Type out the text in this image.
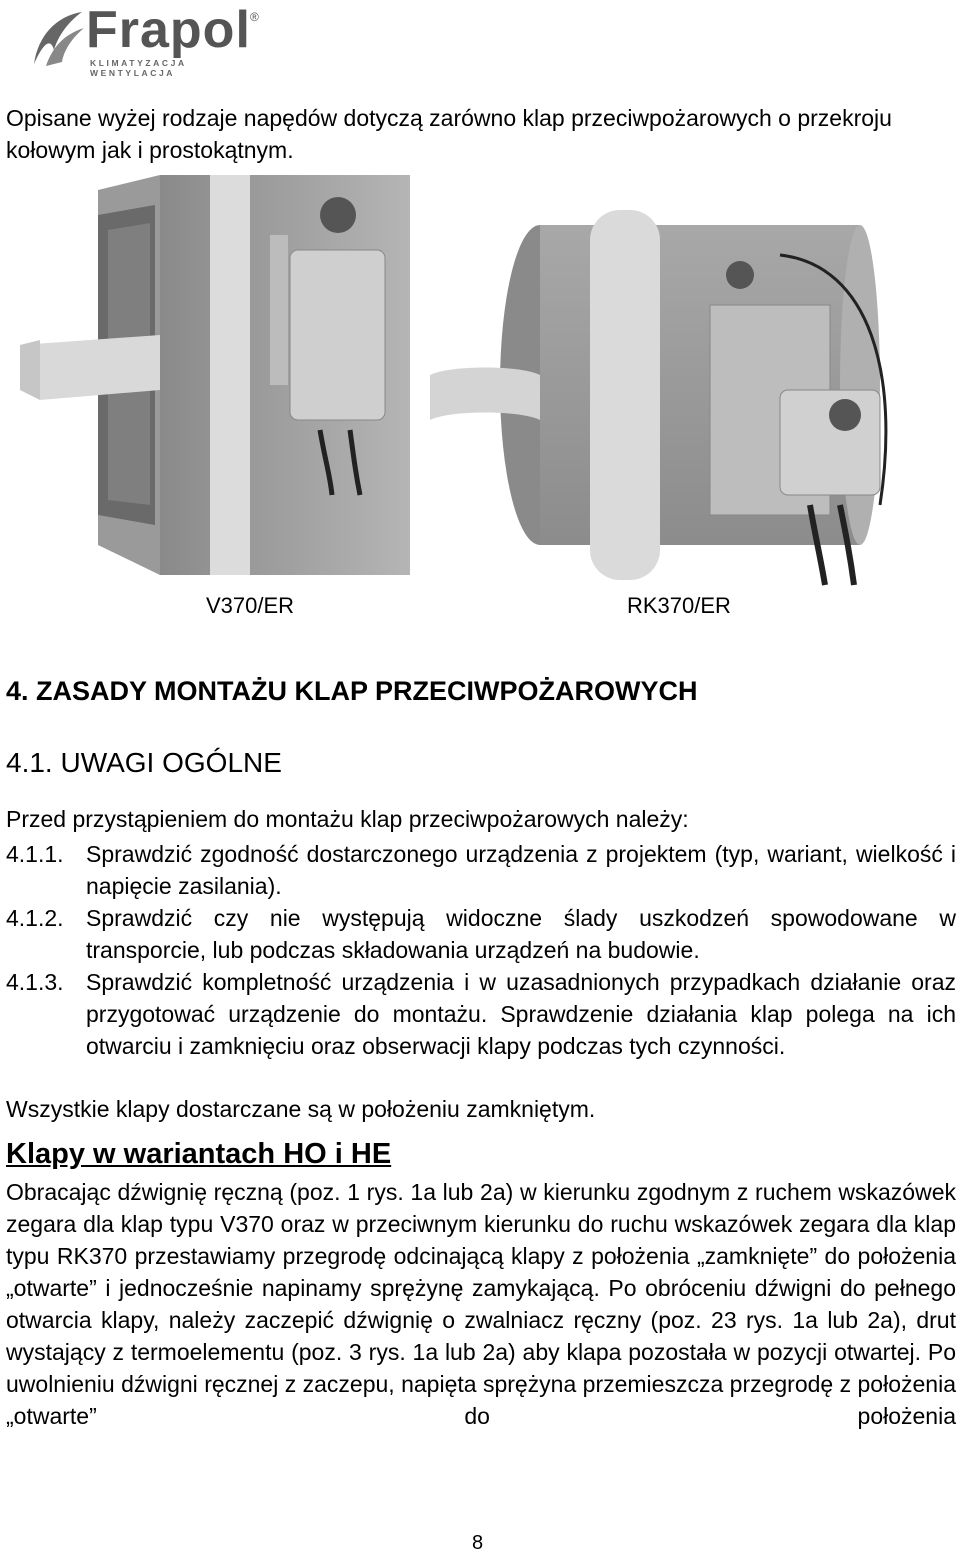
Frapol ®
KLIMATYZACJA WENTYLACJA
Opisane wyżej rodzaje napędów dotyczą zarówno klap przeciwpożarowych o przekroju kołowym jak i prostokątnym.
V370/ER	RK370/ER
4. ZASADY MONTAŻU KLAP PRZECIWPOŻAROWYCH
4.1. UWAGI OGÓLNE
Przed przystąpieniem do montażu klap przeciwpożarowych należy:
4.1.1. Sprawdzić zgodność dostarczonego urządzenia z projektem (typ, wariant, wielkość i napięcie zasilania).
4.1.2. Sprawdzić czy nie występują widoczne ślady uszkodzeń spowodowane w transporcie, lub podczas składowania urządzeń na budowie.
4.1.3. Sprawdzić kompletność urządzenia i w uzasadnionych przypadkach działanie oraz przygotować urządzenie do montażu. Sprawdzenie działania klap polega na ich otwarciu i zamknięciu oraz obserwacji klapy podczas tych czynności.
Wszystkie klapy dostarczane są w położeniu zamkniętym.
Klapy w wariantach HO i HE
Obracając dźwignię ręczną (poz. 1 rys. 1a lub 2a) w kierunku zgodnym z ruchem wskazówek zegara dla klap typu V370 oraz w przeciwnym kierunku do ruchu wskazówek zegara dla klap typu RK370 przestawiamy przegrodę odcinającą klapy z położenia „zamknięte” do położenia „otwarte” i jednocześnie napinamy sprężynę zamykającą. Po obróceniu dźwigni do pełnego otwarcia klapy, należy zaczepić dźwignię o zwalniacz ręczny (poz. 23 rys. 1a lub 2a), drut wystający z termoelementu (poz. 3 rys. 1a lub 2a) aby klapa pozostała w pozycji otwartej. Po uwolnieniu dźwigni ręcznej z zaczepu, napięta sprężyna przemieszcza przegrodę z położenia „otwarte” do położenia
8
